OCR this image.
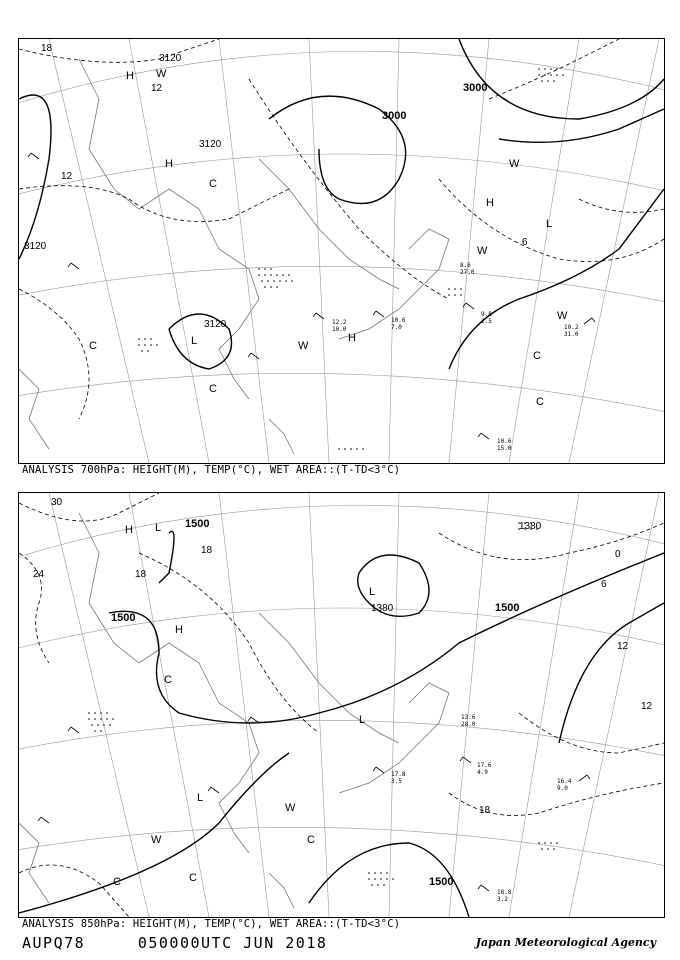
3120
3120
3120
3120
3000
3000
18
12
12
6
H
H
H
H
L
L
W
W
W
W
W
C
C
C
C
C
10.6
15.0
9.8
2.5
10.2
31.0
12.2
10.0
10.6
7.0
8.6
27.0
ANALYSIS 700hPa: HEIGHT(M), TEMP(°C), WET AREA::(T-TD<3°C)
1500
1500
1500
1500
1380
1380
30
24
18
18
18
12
12
6
0
H
H
L
L
L
L
W
W	C
C	C
C
18.8
3.2
16.4
9.0
17.6
4.9
17.8
3.5
13.6
28.0
ANALYSIS 850hPa: HEIGHT(M), TEMP(°C), WET AREA::(T-TD<3°C)
AUPQ78	050000UTC JUN 2018	Japan Meteorological Agency
